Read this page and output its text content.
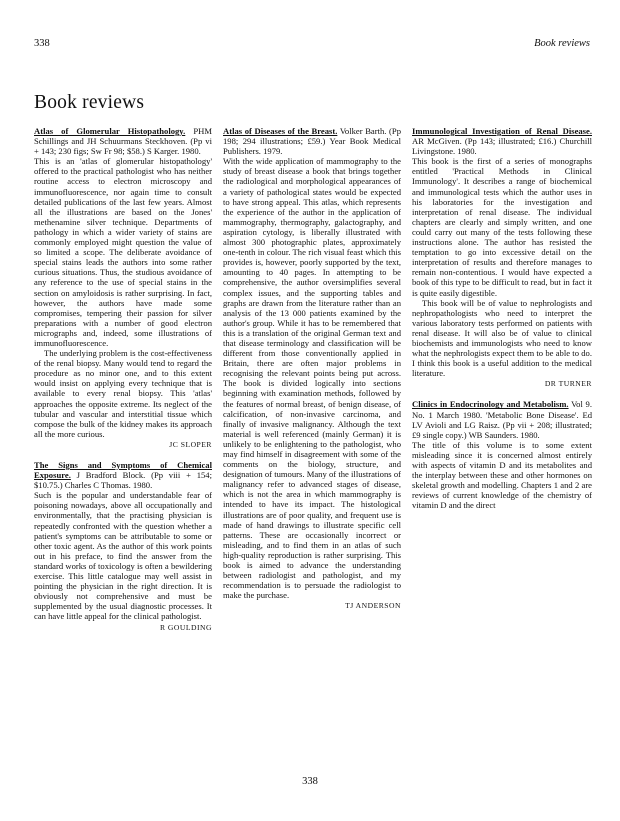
338	Book reviews
Book reviews

Atlas of Glomerular Histopathology. PHM Schillings and JH Schuurmans Steckhoven. (Pp vi + 143; 230 figs; Sw Fr 98; $58.) S Karger. 1980.

This is an 'atlas of glomerular histopathology' offered to the practical pathologist who has neither routine access to electron microscopy and immunofluorescence, nor again time to consult detailed publications of the last few years. Almost all the illustrations are based on the Jones' methenamine silver technique. Departments of pathology in which a wider variety of stains are commonly employed might question the value of so limited a scope. The deliberate avoidance of special stains leads the authors into some rather curious situations. Thus, the studious avoidance of any reference to the use of special stains in the section on amyloidosis is rather surprising. In fact, however, the authors have made some compromises, tempering their passion for silver preparations with a number of good electron micrographs and, indeed, some illustrations of immunofluorescence.

The underlying problem is the cost-effectiveness of the renal biopsy. Many would tend to regard the procedure as no minor one, and to this extent would insist on applying every technique that is available to every renal biopsy. This 'atlas' approaches the opposite extreme. Its neglect of the tubular and vascular and interstitial tissue which compose the bulk of the kidney makes its approach all the more curious.

JC SLOPER

The Signs and Symptoms of Chemical Exposure. J Bradford Block. (Pp viii + 154; $10.75.) Charles C Thomas. 1980.

Such is the popular and understandable fear of poisoning nowadays, above all occupationally and environmentally, that the practising physician is repeatedly confronted with the question whether a patient's symptoms can be attributable to some or other toxic agent. As the author of this work points out in his preface, to find the answer from the standard works of toxicology is often a bewildering exercise. This little catalogue may well assist in pointing the physician in the right direction. It is obviously not comprehensive and must be supplemented by the usual diagnostic processes. It can have little appeal for the clinical pathologist.

R GOULDING

Atlas of Diseases of the Breast. Volker Barth. (Pp 198; 294 illustrations; £59.) Year Book Medical Publishers. 1979.

With the wide application of mammography to the study of breast disease a book that brings together the radiological and morphological appearances of a variety of pathological states would be expected to have strong appeal. This atlas, which represents the experience of the author in the application of mammography, thermography, galactography, and aspiration cytology, is liberally illustrated with almost 300 photographic plates, approximately one-tenth in colour. The rich visual feast which this provides is, however, poorly supported by the text, amounting to 40 pages. In attempting to be comprehensive, the author oversimplifies several complex issues, and the supporting tables and graphs are drawn from the literature rather than an analysis of the 13 000 patients examined by the author's group. While it has to be remembered that this is a translation of the original German text and that disease terminology and classification will be different from those conventionally applied in Britain, there are often major problems in recognising the relevant points being put across. The book is divided logically into sections beginning with examination methods, followed by the features of normal breast, of benign disease, of calcification, of non-invasive carcinoma, and finally of invasive malignancy. Although the text material is well referenced (mainly German) it is unlikely to be enlightening to the pathologist, who may find himself in disagreement with some of the comments on the biology, structure, and designation of tumours. Many of the illustrations of malignancy refer to advanced stages of disease, which is not the area in which mammography is intended to have its impact. The histological illustrations are of poor quality, and frequent use is made of hand drawings to illustrate specific cell patterns. These are occasionally incorrect or misleading, and to find them in an atlas of such high-quality reproduction is rather surprising. This book is aimed to advance the understanding between radiologist and pathologist, and my recommendation is to persuade the radiologist to make the purchase.

TJ ANDERSON

Immunological Investigation of Renal Disease. AR McGiven. (Pp 143; illustrated; £16.) Churchill Livingstone. 1980.

This book is the first of a series of monographs entitled 'Practical Methods in Clinical Immunology'. It describes a range of biochemical and immunological tests which the author uses in his laboratories for the investigation and interpretation of renal disease. The individual chapters are clearly and simply written, and one could carry out many of the tests following these instructions alone. The author has resisted the temptation to go into excessive detail on the interpretation of results and therefore manages to remain non-contentious. I would have expected a book of this type to be difficult to read, but in fact it is quite easily digestible.

This book will be of value to nephrologists and nephropathologists who need to interpret the various laboratory tests performed on patients with renal disease. It will also be of value to clinical biochemists and immunologists who need to know what the nephrologists expect them to be able to do. I think this book is a useful addition to the medical literature.

DR TURNER

Clinics in Endocrinology and Metabolism. Vol 9. No. 1 March 1980. 'Metabolic Bone Disease'. Ed LV Avioli and LG Raisz. (Pp vii + 208; illustrated; £9 single copy.) WB Saunders. 1980.

The title of this volume is to some extent misleading since it is concerned almost entirely with aspects of vitamin D and its metabolites and the interplay between these and other hormones on skeletal growth and modelling. Chapters 1 and 2 are reviews of current knowledge of the chemistry of vitamin D and the direct

338
